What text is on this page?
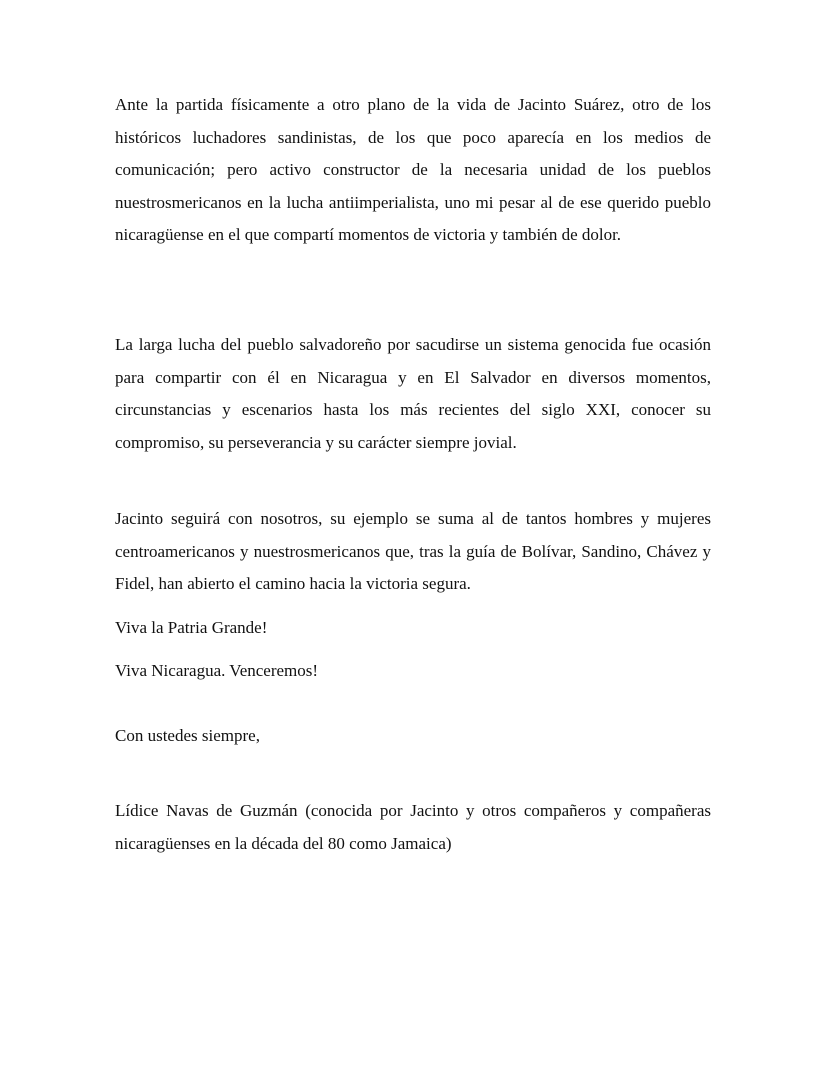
Ante la partida físicamente a otro plano de la vida de Jacinto Suárez, otro de los históricos luchadores sandinistas, de los que poco aparecía en los medios de comunicación; pero activo constructor de la necesaria unidad de los pueblos nuestrosmericanos en la lucha antiimperialista, uno mi pesar al de ese querido pueblo nicaragüense en el que compartí momentos de victoria y también de dolor.

La larga lucha del pueblo salvadoreño por sacudirse un sistema genocida fue ocasión para compartir con él en Nicaragua y en El Salvador en diversos momentos, circunstancias y escenarios hasta los más recientes del siglo XXI, conocer su compromiso, su perseverancia y su carácter siempre jovial.

Jacinto seguirá con nosotros, su ejemplo se suma al de tantos hombres y mujeres centroamericanos y nuestrosmericanos que, tras la guía de Bolívar, Sandino, Chávez y Fidel, han abierto el camino hacia la victoria segura.

Viva la Patria Grande!

Viva Nicaragua. Venceremos!

Con ustedes siempre,

Lídice Navas de Guzmán (conocida por Jacinto y otros compañeros y compañeras nicaragüenses en la década del 80 como Jamaica)
